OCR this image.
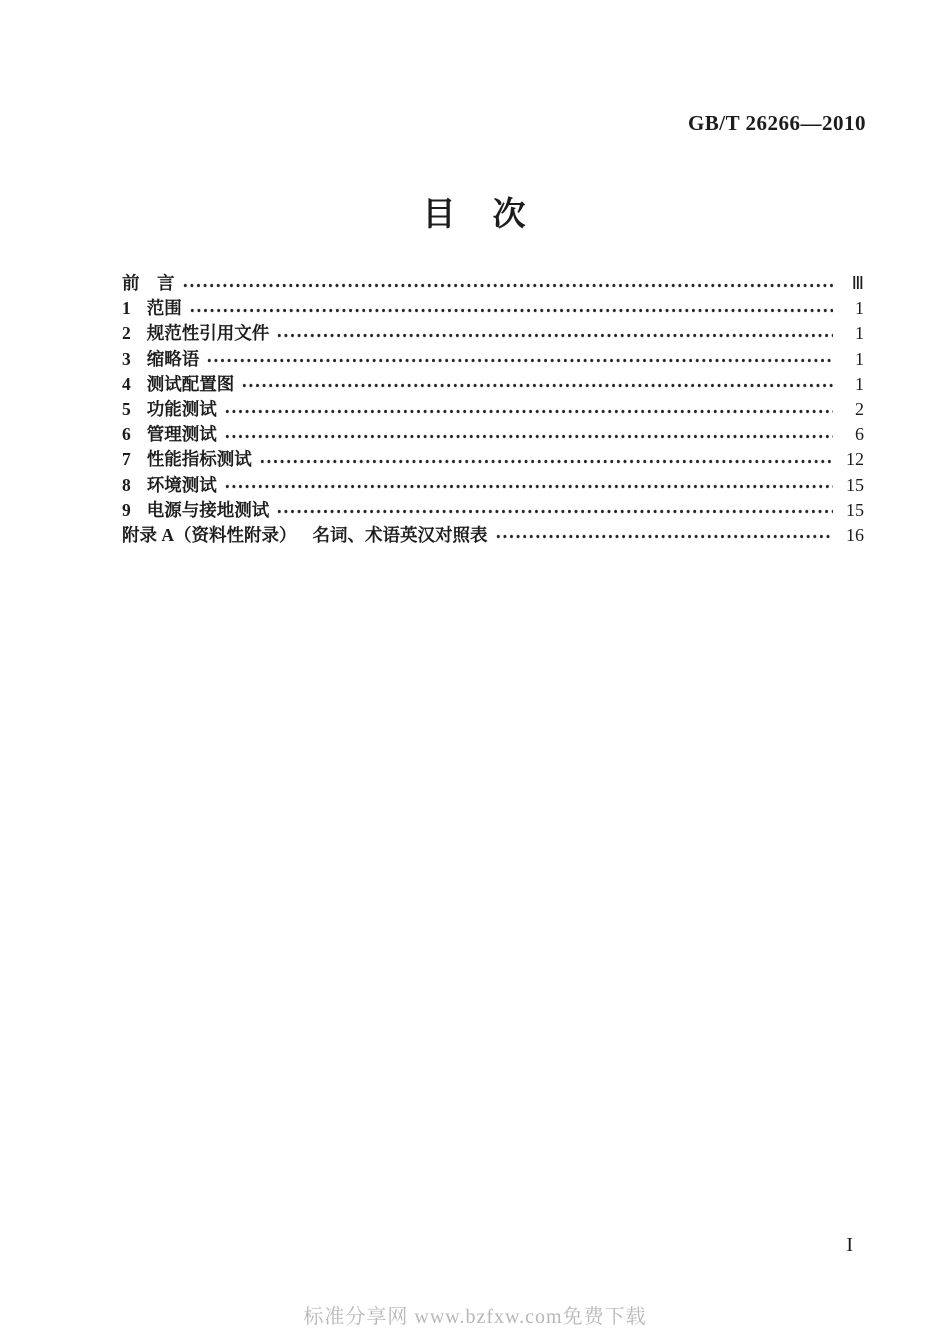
GB/T 26266—2010
目　次
前　言	Ⅲ
1 范围	1
2 规范性引用文件	1
3 缩略语	1
4 测试配置图	1
5 功能测试	2
6 管理测试	6
7 性能指标测试	12
8 环境测试	15
9 电源与接地测试	15
附录 A（资料性附录） 名词、术语英汉对照表	16
I
标准分享网 www.bzfxw.com免费下载
